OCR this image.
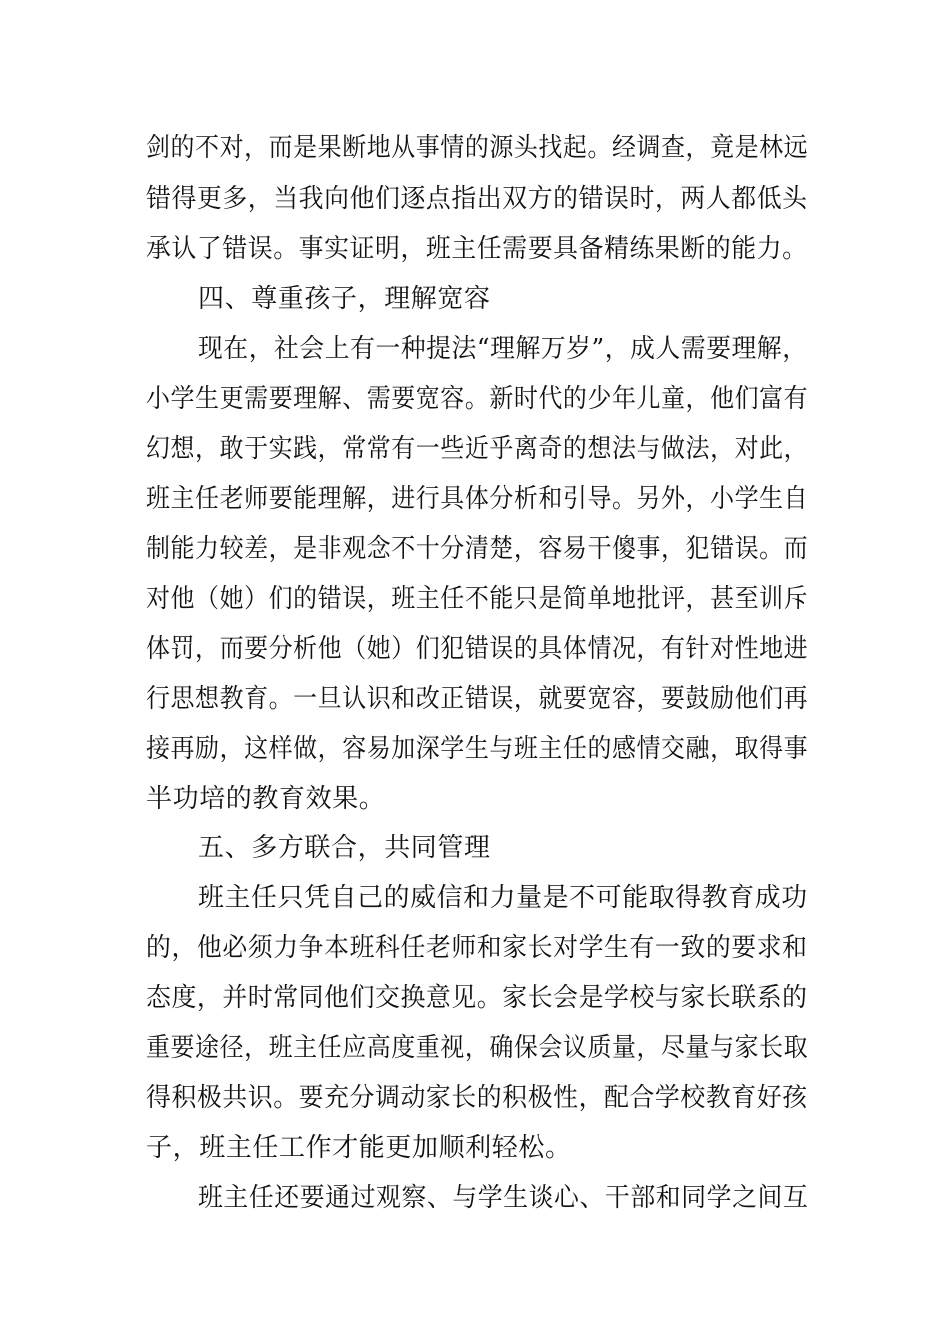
剑的不对，而是果断地从事情的源头找起。经调查，竟是林远
错得更多，当我向他们逐点指出双方的错误时，两人都低头
承认了错误。事实证明，班主任需要具备精练果断的能力。
四、尊重孩子，理解宽容
现在，社会上有一种提法“理解万岁”，成人需要理解，
小学生更需要理解、需要宽容。新时代的少年儿童，他们富有
幻想，敢于实践，常常有一些近乎离奇的想法与做法，对此，
班主任老师要能理解，进行具体分析和引导。另外，小学生自
制能力较差，是非观念不十分清楚，容易干傻事，犯错误。而
对他（她）们的错误，班主任不能只是简单地批评，甚至训斥
体罚，而要分析他（她）们犯错误的具体情况，有针对性地进
行思想教育。一旦认识和改正错误，就要宽容，要鼓励他们再
接再励，这样做，容易加深学生与班主任的感情交融，取得事
半功培的教育效果。
五、多方联合，共同管理
班主任只凭自己的威信和力量是不可能取得教育成功
的，他必须力争本班科任老师和家长对学生有一致的要求和
态度，并时常同他们交换意见。家长会是学校与家长联系的
重要途径，班主任应高度重视，确保会议质量，尽量与家长取
得积极共识。要充分调动家长的积极性，配合学校教育好孩
子，班主任工作才能更加顺利轻松。
班主任还要通过观察、与学生谈心、干部和同学之间互
